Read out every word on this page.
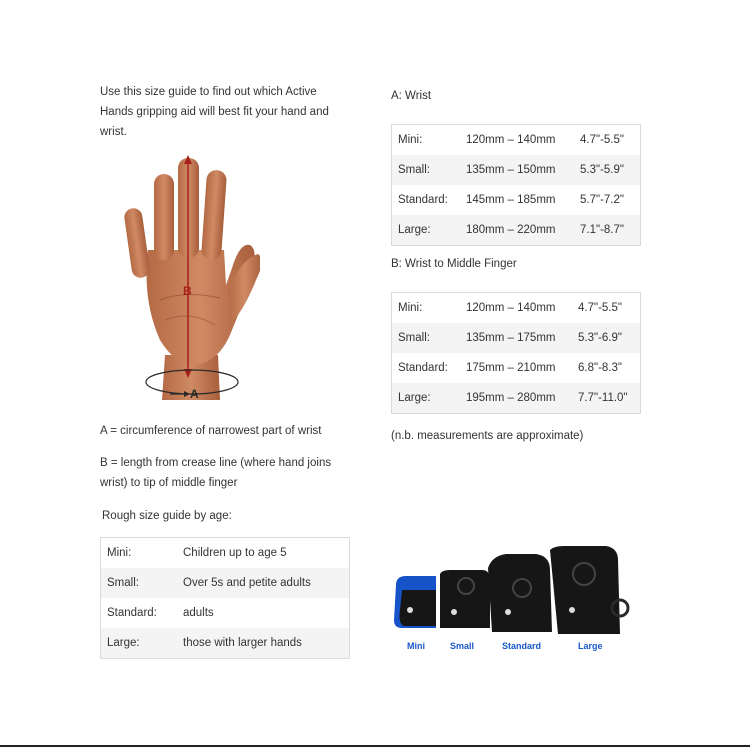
Use this size guide to find out which Active Hands gripping aid will best fit your hand and wrist.
B
A
A = circumference of narrowest part of wrist
B = length from crease line (where hand joins wrist) to tip of middle finger
Rough size guide by age:
Mini:	Children up to age 5
Small:	Over 5s and petite adults
Standard:	adults
Large:	those with larger hands
A: Wrist
Mini:	120mm – 140mm	4.7"-5.5"
Small:	135mm – 150mm	5.3"-5.9"
Standard:	145mm – 185mm	5.7"-7.2"
Large:	180mm – 220mm	7.1"-8.7"
B: Wrist to Middle Finger
Mini:	120mm – 140mm	4.7"-5.5"
Small:	135mm – 175mm	5.3"-6.9"
Standard:	175mm – 210mm	6.8"-8.3"
Large:	195mm – 280mm	7.7"-11.0"
(n.b. measurements are approximate)
Mini	Small	Standard	Large
